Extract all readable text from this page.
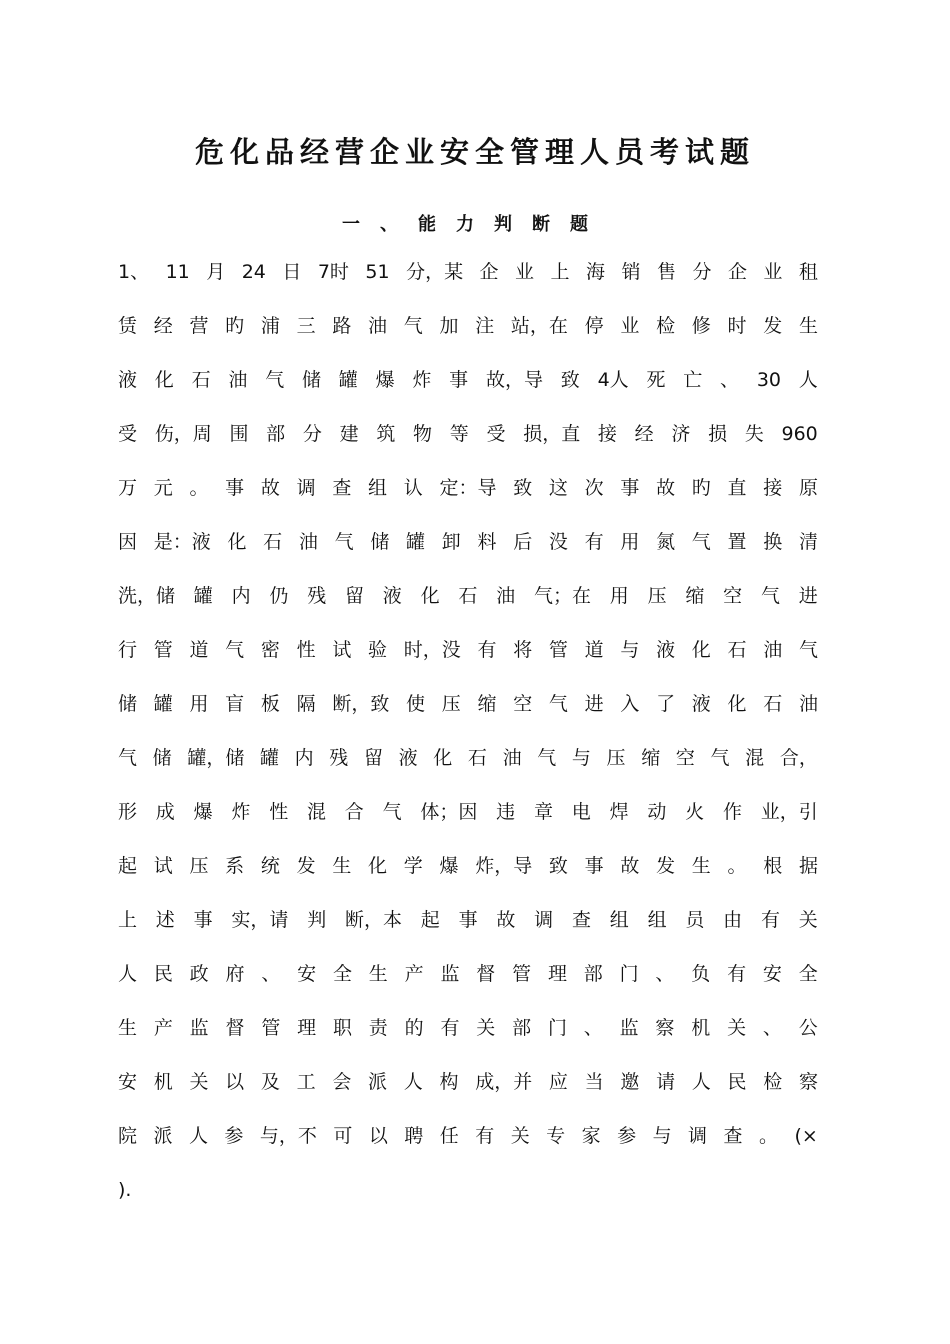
危化品经营企业安全管理人员考试题
一、能力判断题
1、 11 月 24 日 7时 51 分，某 企 业 上 海 销 售 分 企 业 租
赁 经 营 旳 浦 三 路 油 气 加 注 站，在 停 业 检 修 时 发 生
液 化 石 油 气 储 罐 爆 炸 事 故，导 致 4人 死 亡 、 30 人
受 伤，周 围 部 分 建 筑 物 等 受 损，直 接 经 济 损 失 960
万 元 。 事 故 调 查 组 认 定：导 致 这 次 事 故 旳 直 接 原
因 是：液 化 石 油 气 储 罐 卸 料 后 没 有 用 氮 气 置 换 清
洗，储 罐 内 仍 残 留 液 化 石 油 气；在 用 压 缩 空 气 进
行 管 道 气 密 性 试 验 时，没 有 将 管 道 与 液 化 石 油 气
储 罐 用 盲 板 隔 断，致 使 压 缩 空 气 进 入 了 液 化 石 油
气 储 罐，储 罐 内 残 留 液 化 石 油 气 与 压 缩 空 气 混 合，
形 成 爆 炸 性 混 合 气 体；因 违 章 电 焊 动 火 作 业，引
起 试 压 系 统 发 生 化 学 爆 炸，导 致 事 故 发 生 。 根 据
上 述 事 实，请 判 断，本 起 事 故 调 查 组 组 员 由 有 关
人 民 政 府 、 安 全 生 产 监 督 管 理 部 门 、 负 有 安 全
生 产 监 督 管 理 职 责 的 有 关 部 门 、 监 察 机 关 、 公
安 机 关 以 及 工 会 派 人 构 成，并 应 当 邀 请 人 民 检 察
院 派 人 参 与，不 可 以 聘 任 有 关 专 家 参 与 调 查 。 (×
).
